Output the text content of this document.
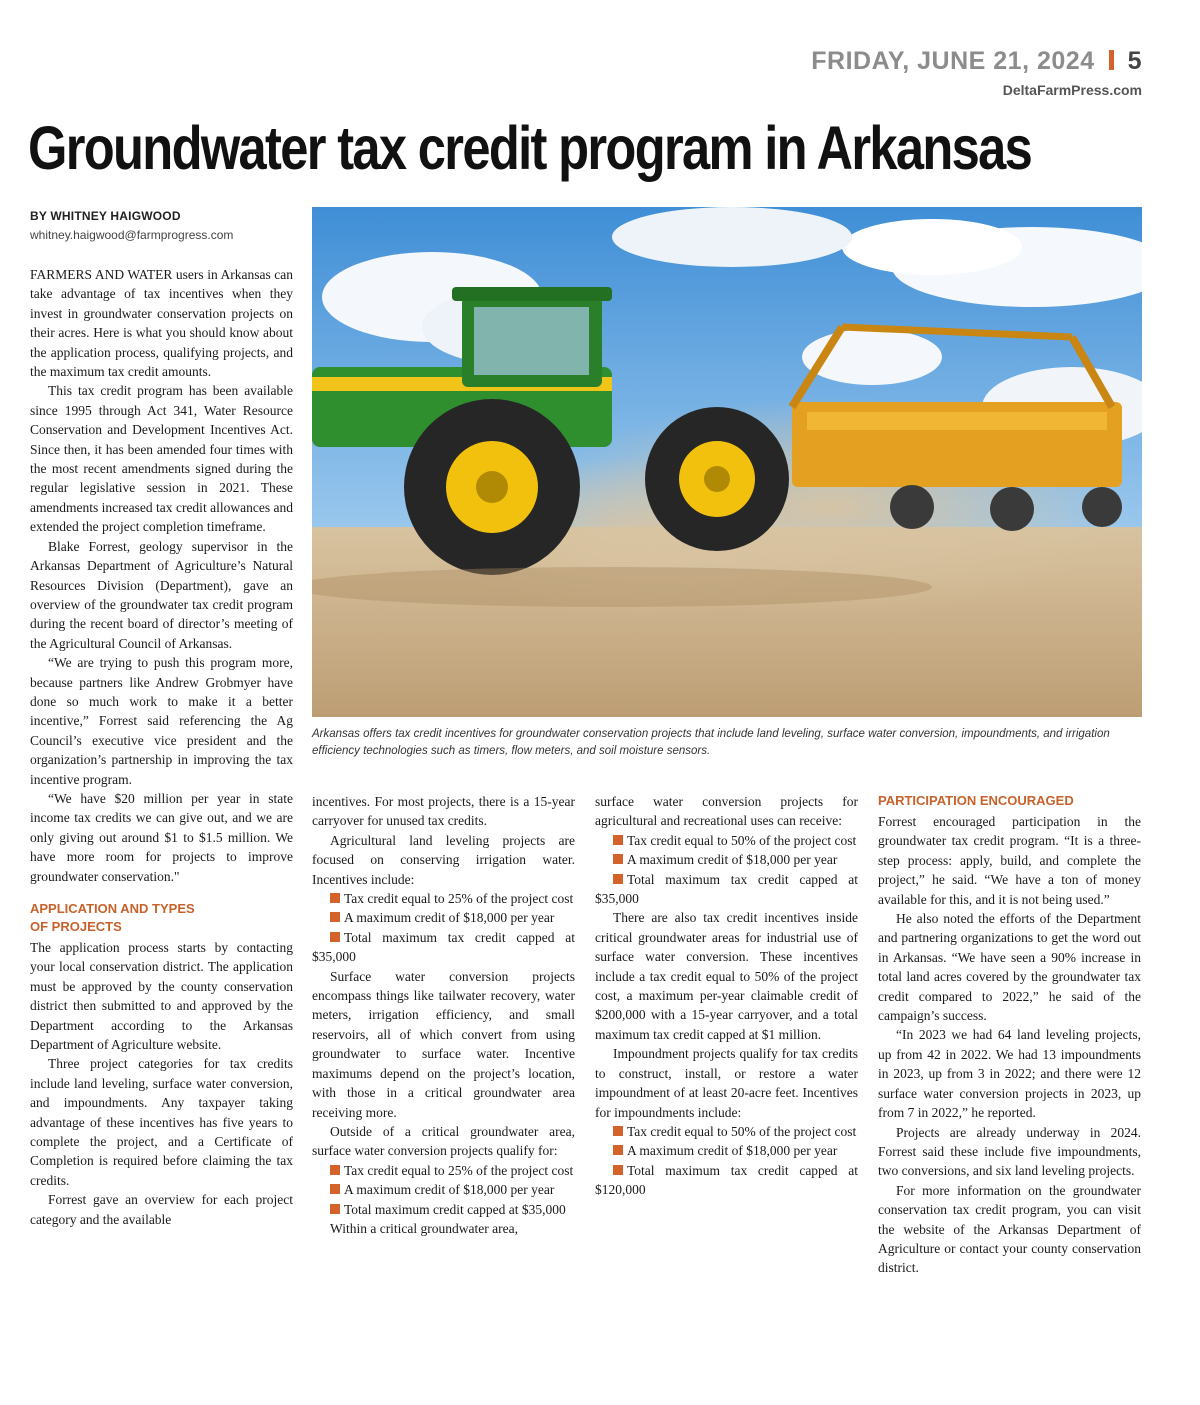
FRIDAY, JUNE 21, 2024 5
DeltaFarmPress.com
Groundwater tax credit program in Arkansas
BY WHITNEY HAIGWOOD
whitney.haigwood@farmprogress.com
Arkansas offers tax credit incentives for groundwater conservation projects that include land leveling, surface water conversion, impoundments, and irrigation efficiency technologies such as timers, flow meters, and soil moisture sensors.

FARMERS AND WATER users in Arkansas can take advantage of tax incentives when they invest in groundwater conservation projects on their acres. Here is what you should know about the application process, qualifying projects, and the maximum tax credit amounts.

This tax credit program has been available since 1995 through Act 341, Water Resource Conservation and Development Incentives Act. Since then, it has been amended four times with the most recent amendments signed during the regular legislative session in 2021. These amendments increased tax credit allowances and extended the project completion timeframe.

Blake Forrest, geology supervisor in the Arkansas Department of Agriculture’s Natural Resources Division (Department), gave an overview of the groundwater tax credit program during the recent board of director’s meeting of the Agricultural Council of Arkansas.

“We are trying to push this program more, because partners like Andrew Grobmyer have done so much work to make it a better incentive,” Forrest said referencing the Ag Council’s executive vice president and the organization’s partnership in improving the tax incentive program.

“We have $20 million per year in state income tax credits we can give out, and we are only giving out around $1 to $1.5 million. We have more room for projects to improve groundwater conservation."

APPLICATION AND TYPES
OF PROJECTS

The application process starts by contacting your local conservation district. The application must be approved by the county conservation district then submitted to and approved by the Department according to the Arkansas Department of Agriculture website.

Three project categories for tax credits include land leveling, surface water conversion, and impoundments. Any taxpayer taking advantage of these incentives has five years to complete the project, and a Certificate of Completion is required before claiming the tax credits.

Forrest gave an overview for each project category and the available

incentives. For most projects, there is a 15-year carryover for unused tax credits.

Agricultural land leveling projects are focused on conserving irrigation water. Incentives include:

Tax credit equal to 25% of the project cost

A maximum credit of $18,000 per year

Total maximum tax credit capped at $35,000

Surface water conversion projects encompass things like tailwater recovery, water meters, irrigation efficiency, and small reservoirs, all of which convert from using groundwater to surface water. Incentive maximums depend on the project’s location, with those in a critical groundwater area receiving more.

Outside of a critical groundwater area, surface water conversion projects qualify for:

Tax credit equal to 25% of the project cost

A maximum credit of $18,000 per year

Total maximum credit capped at $35,000

Within a critical groundwater area,

surface water conversion projects for agricultural and recreational uses can receive:

Tax credit equal to 50% of the project cost

A maximum credit of $18,000 per year

Total maximum tax credit capped at $35,000

There are also tax credit incentives inside critical groundwater areas for industrial use of surface water conversion. These incentives include a tax credit equal to 50% of the project cost, a maximum per-year claimable credit of $200,000 with a 15-year carryover, and a total maximum tax credit capped at $1 million.

Impoundment projects qualify for tax credits to construct, install, or restore a water impoundment of at least 20-acre feet. Incentives for impoundments include:

Tax credit equal to 50% of the project cost

A maximum credit of $18,000 per year

Total maximum tax credit capped at $120,000

PARTICIPATION ENCOURAGED

Forrest encouraged participation in the groundwater tax credit program. “It is a three-step process: apply, build, and complete the project,” he said. “We have a ton of money available for this, and it is not being used.”

He also noted the efforts of the Department and partnering organizations to get the word out in Arkansas. “We have seen a 90% increase in total land acres covered by the groundwater tax credit compared to 2022,” he said of the campaign’s success.

“In 2023 we had 64 land leveling projects, up from 42 in 2022. We had 13 impoundments in 2023, up from 3 in 2022; and there were 12 surface water conversion projects in 2023, up from 7 in 2022,” he reported.

Projects are already underway in 2024. Forrest said these include five impoundments, two conversions, and six land leveling projects.

For more information on the groundwater conservation tax credit program, you can visit the website of the Arkansas Department of Agriculture or contact your county conservation district.
